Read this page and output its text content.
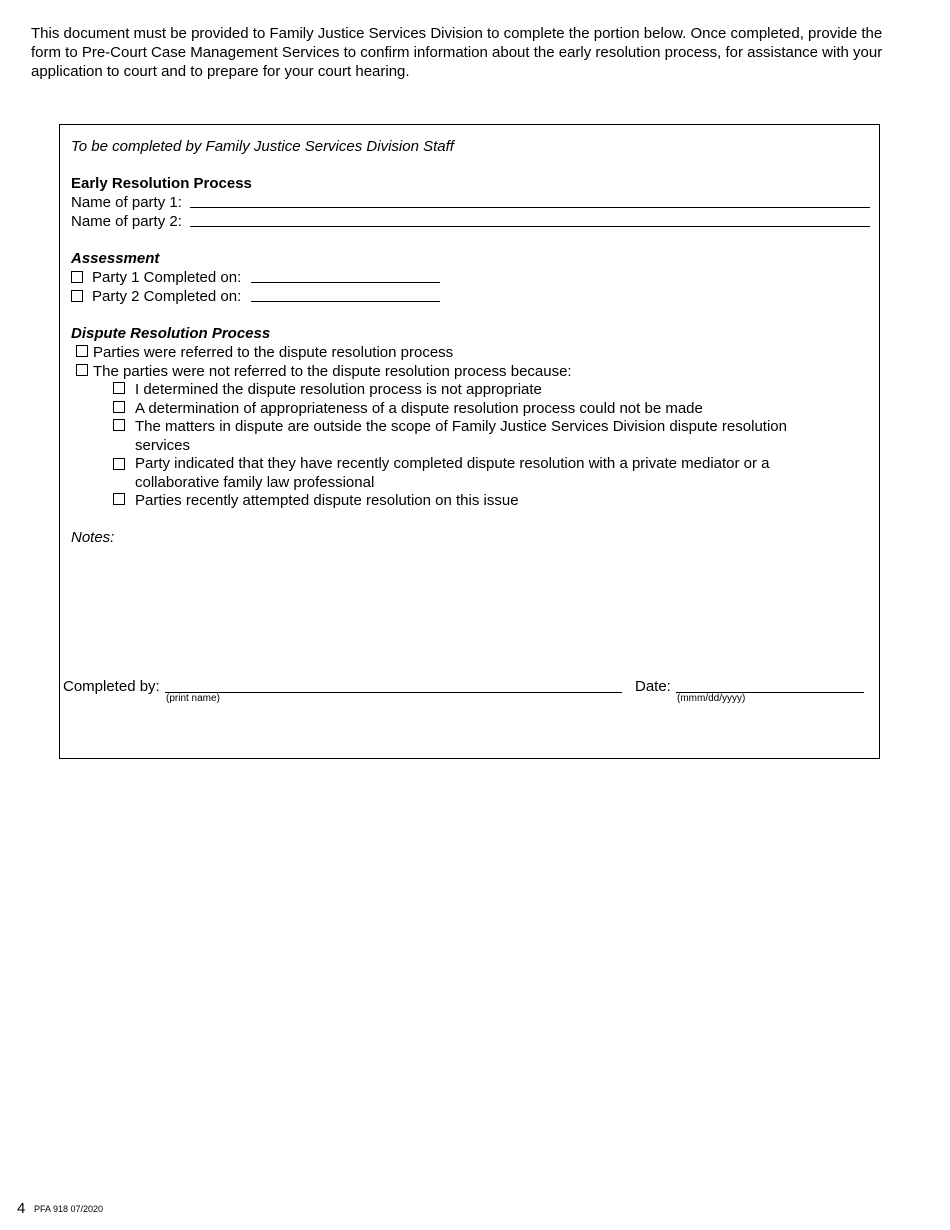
This document must be provided to Family Justice Services Division to complete the portion below. Once completed, provide the form to Pre-Court Case Management Services to confirm information about the early resolution process, for assistance with your application to court and to prepare for your court hearing.
To be completed by Family Justice Services Division Staff
Early Resolution Process
Name of party 1:
Name of party 2:
Assessment
Party 1 Completed on:
Party 2 Completed on:
Dispute Resolution Process
Parties were referred to the dispute resolution process
The parties were not referred to the dispute resolution process because:
I determined the dispute resolution process is not appropriate
A determination of appropriateness of a dispute resolution process could not be made
The matters in dispute are outside the scope of Family Justice Services Division dispute resolution
services
Party indicated that they have recently completed dispute resolution with a private mediator or a
collaborative family law professional
Parties recently attempted dispute resolution on this issue
Notes:
Completed by:
(print name)
Date:
(mmm/dd/yyyy)
4 PFA 918 07/2020
